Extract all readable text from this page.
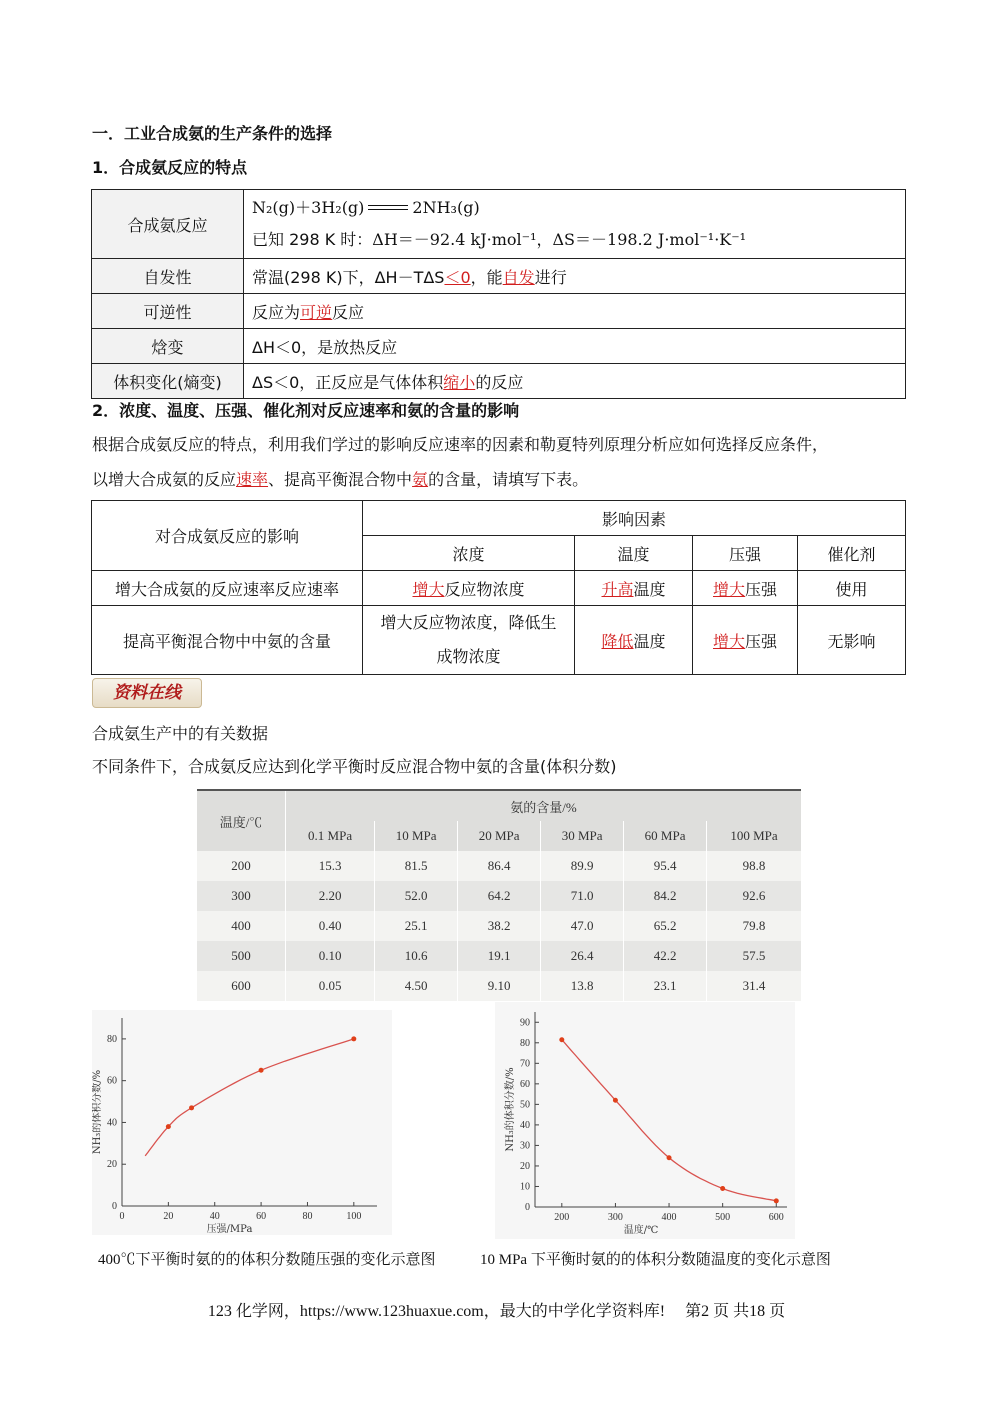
一．工业合成氨的生产条件的选择
1．合成氨反应的特点
合成氨反应	N₂(g)＋3H₂(g) 2NH₃(g)
已知 298 K 时：ΔH＝－92.4 kJ·mol⁻¹，ΔS＝－198.2 J·mol⁻¹·K⁻¹

自发性	常温(298 K)下，ΔH－TΔS＜0，能自发进行
可逆性	反应为可逆反应
焓变	ΔH＜0，是放热反应
体积变化(熵变)	ΔS＜0，正反应是气体体积缩小的反应
2．浓度、温度、压强、催化剂对反应速率和氨的含量的影响
根据合成氨反应的特点，利用我们学过的影响反应速率的因素和勒夏特列原理分析应如何选择反应条件，
以增大合成氨的反应速率、提高平衡混合物中氨的含量，请填写下表。
对合成氨反应的影响	影响因素			
	浓度	温度	压强	催化剂
增大合成氨的反应速率反应速率	增大反应物浓度	升高温度	增大压强	使用
提高平衡混合物中中氨的含量	增大反应物浓度，降低生
成物浓度	降低温度	增大压强	无影响
资料在线
合成氨生产中的有关数据
不同条件下，合成氨反应达到化学平衡时反应混合物中氨的含量(体积分数)
温度/℃	氨的含量/%					
	0.1 MPa	10 MPa	20 MPa	30 MPa	60 MPa	100 MPa
200	15.3	81.5	86.4	89.9	95.4	98.8
300	2.20	52.0	64.2	71.0	84.2	92.6
400	0.40	25.1	38.2	47.0	65.2	79.8
500	0.10	10.6	19.1	26.4	42.2	57.5
600	0.05	4.50	9.10	13.8	23.1	31.4
0	20	40	60	80	100
0
20
40
60
80
压强/MPa
NH₃的体积分数/%
200	300	400	500	600
0
10
20
30
40
50
60
70
80
90
温度/℃
NH₃的体积分数/%
400℃下平衡时氨的的体积分数随压强的变化示意图	10 MPa 下平衡时氨的的体积分数随温度的变化示意图
123 化学网，https://www.123huaxue.com，最大的中学化学资料库!　 第2 页 共18 页
